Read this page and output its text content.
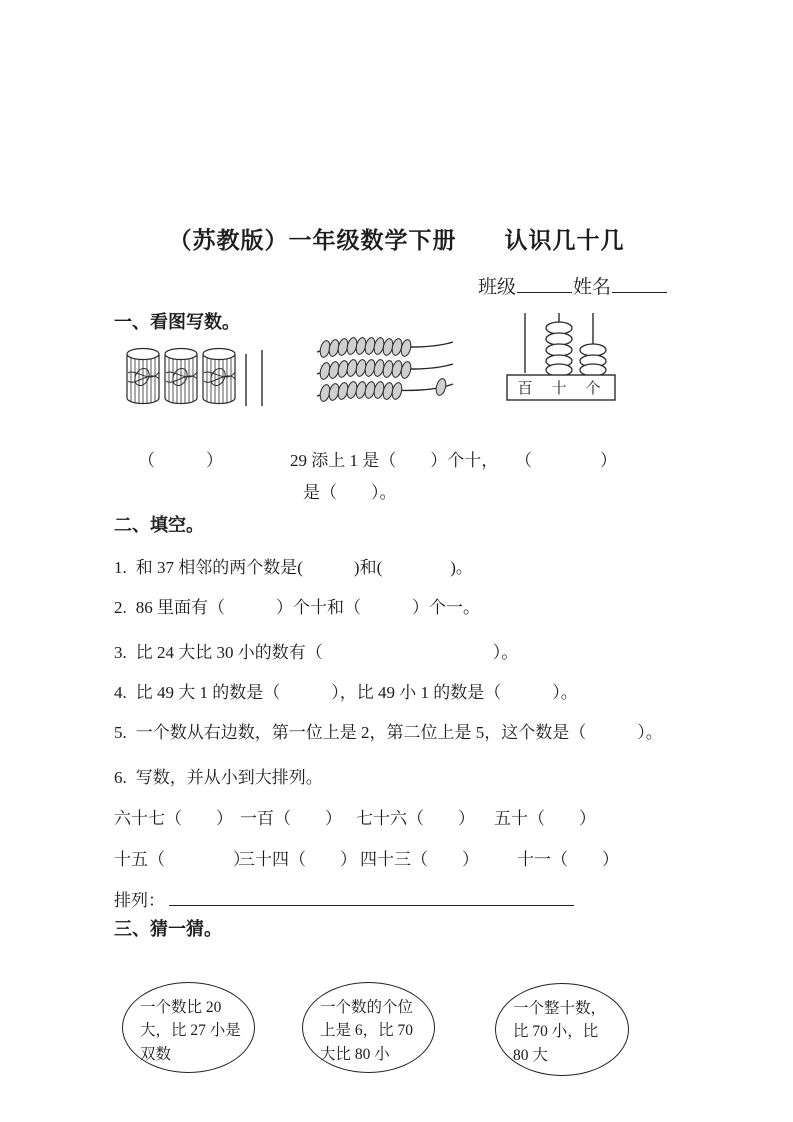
（苏教版）一年级数学下册　　认识几十几
班级	姓名
一、看图写数。
百 十 个
（　　　）	29 添上 1 是（　　）个十， （　　　　）
是（　　）。
二、填空。
1. 和 37 相邻的两个数是(　　　)和(　　　　)。
2. 86 里面有（　　　）个十和（　　　）个一。
3. 比 24 大比 30 小的数有（　　　　　　　　　　）。
4. 比 49 大 1 的数是（　　　），比 49 小 1 的数是（　　　）。
5. 一个数从右边数，第一位上是 2，第二位上是 5，这个数是（　　　）。
6. 写数，并从小到大排列。
六十七（　　） 一百（　　） 七十六（　　） 五十（　　）
十五（　　　　）
三十四（　　） 四十三（　　） 十一（　　）
排列：
三、猜一猜。
一个数比 20 大，比 27 小是双数
一个数的个位上是 6，比 70 大比 80 小
一个整十数，比 70 小，比 80 大
